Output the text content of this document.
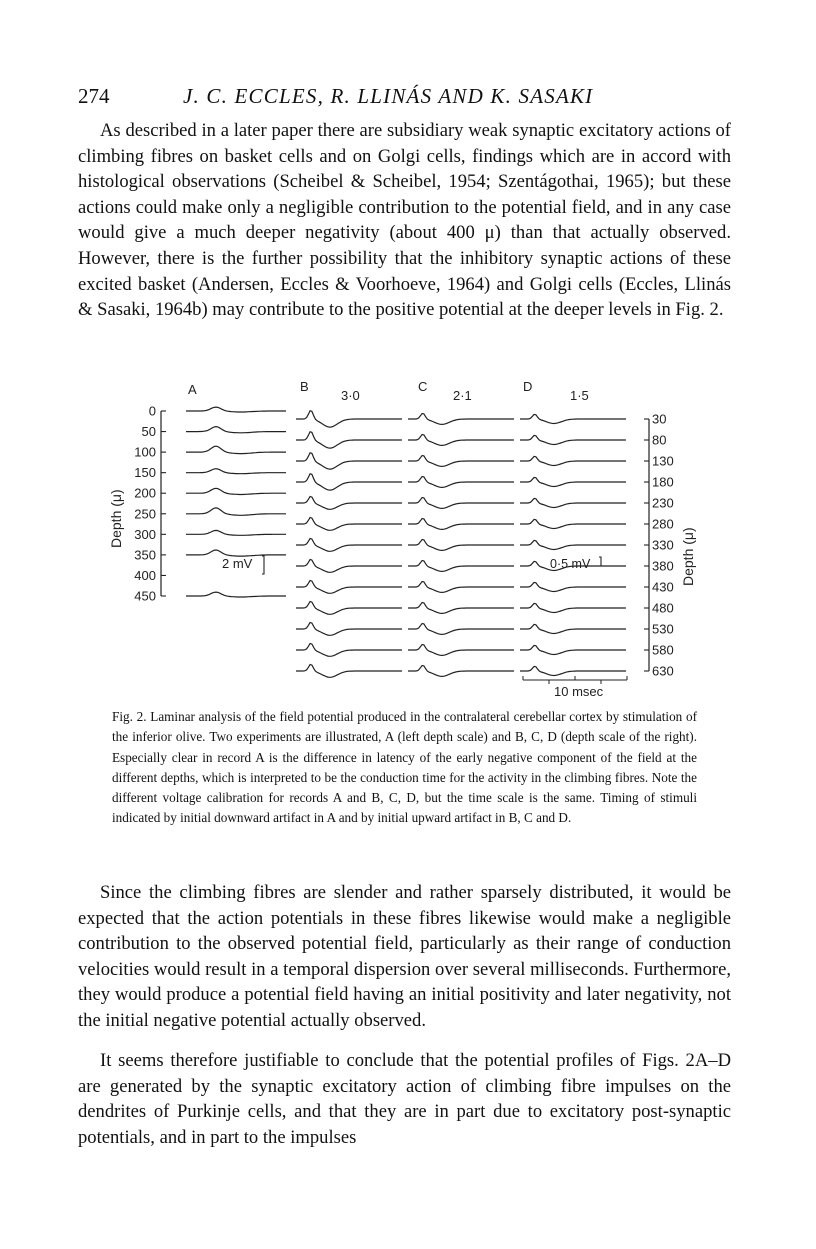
274	J. C. ECCLES, R. LLINÁS AND K. SASAKI

As described in a later paper there are subsidiary weak synaptic excitatory actions of climbing fibres on basket cells and on Golgi cells, findings which are in accord with histological observations (Scheibel & Scheibel, 1954; Szentágothai, 1965); but these actions could make only a negligible contribution to the potential field, and in any case would give a much deeper negativity (about 400 μ) than that actually observed. However, there is the further possibility that the inhibitory synaptic actions of these excited basket (Andersen, Eccles & Voorhoeve, 1964) and Golgi cells (Eccles, Llinás & Sasaki, 1964b) may contribute to the positive potential at the deeper levels in Fig. 2.

A	B
3·0
C
2·1
D
1·5
0
50
100
150
200
250
300
350
400
450
Depth (μ)
30
80
130
180
230
280
330
380
430
480
530
580
630
Depth (μ)
2 mV	0·5 mV
10 msec

Fig. 2. Laminar analysis of the field potential produced in the contralateral cerebellar cortex by stimulation of the inferior olive. Two experiments are illustrated, A (left depth scale) and B, C, D (depth scale of the right). Especially clear in record A is the difference in latency of the early negative component of the field at the different depths, which is interpreted to be the conduction time for the activity in the climbing fibres. Note the different voltage calibration for records A and B, C, D, but the time scale is the same. Timing of stimuli indicated by initial downward artifact in A and by initial upward artifact in B, C and D.

Since the climbing fibres are slender and rather sparsely distributed, it would be expected that the action potentials in these fibres likewise would make a negligible contribution to the observed potential field, particularly as their range of conduction velocities would result in a temporal dispersion over several milliseconds. Furthermore, they would produce a potential field having an initial positivity and later negativity, not the initial negative potential actually observed.

It seems therefore justifiable to conclude that the potential profiles of Figs. 2A–D are generated by the synaptic excitatory action of climbing fibre impulses on the dendrites of Purkinje cells, and that they are in part due to excitatory post-synaptic potentials, and in part to the impulses
